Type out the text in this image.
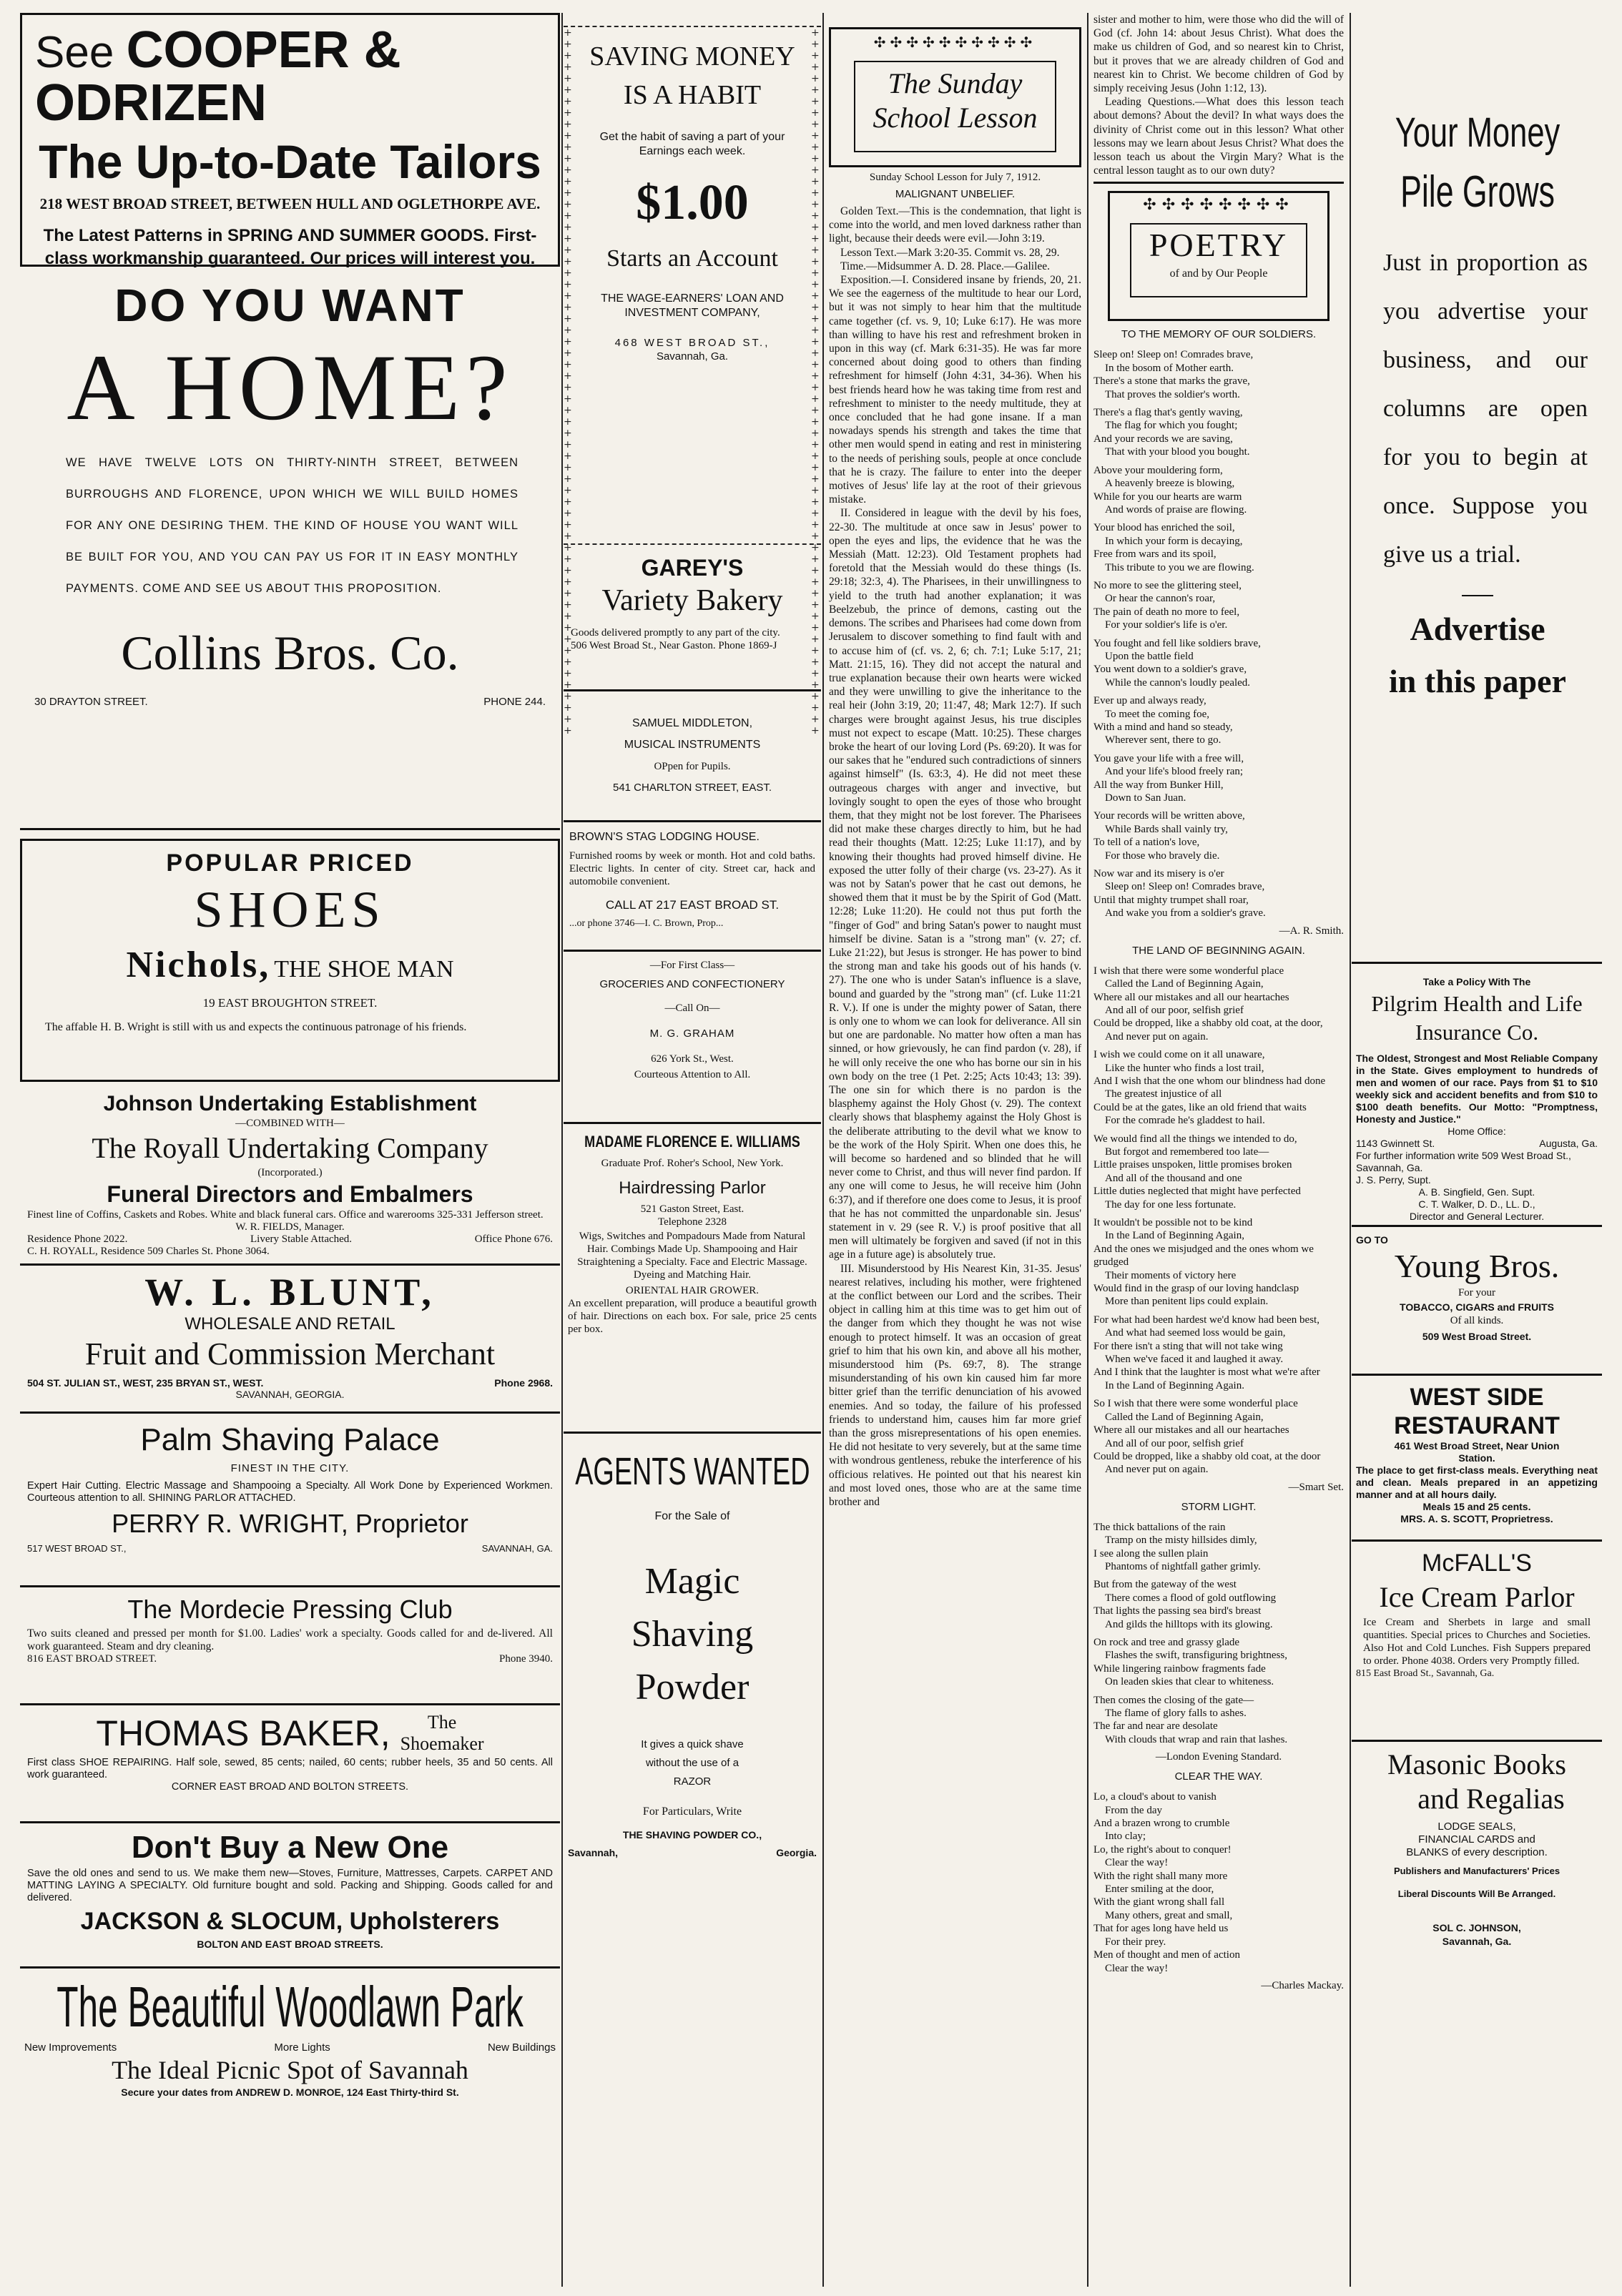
See COOPER & ODRIZEN
The Up-to-Date Tailors
218 WEST BROAD STREET, BETWEEN HULL AND OGLETHORPE AVE.
The Latest Patterns in SPRING AND SUMMER GOODS. First-class workmanship guaranteed. Our prices will interest you.
DO YOU WANT
A HOME?
WE HAVE TWELVE LOTS ON THIRTY-NINTH STREET, BETWEEN BURROUGHS AND FLORENCE, UPON WHICH WE WILL BUILD HOMES FOR ANY ONE DESIRING THEM. THE KIND OF HOUSE YOU WANT WILL BE BUILT FOR YOU, AND YOU CAN PAY US FOR IT IN EASY MONTHLY PAYMENTS. COME AND SEE US ABOUT THIS PROPOSITION.
Collins Bros. Co.
30 DRAYTON STREET.	PHONE 244.
POPULAR PRICED
SHOES
Nichols, THE SHOE MAN
19 EAST BROUGHTON STREET.
The affable H. B. Wright is still with us and expects the continuous patronage of his friends.
Johnson Undertaking Establishment
—COMBINED WITH—
The Royall Undertaking Company
(Incorporated.)
Funeral Directors and Embalmers
Finest line of Coffins, Caskets and Robes. White and black funeral cars. Office and warerooms 325-331 Jefferson street.
W. R. FIELDS, Manager.
Residence Phone 2022.	Livery Stable Attached.	Office Phone 676.
C. H. ROYALL, Residence 509 Charles St. Phone 3064.
W. L. BLUNT,
WHOLESALE AND RETAIL
Fruit and Commission Merchant
504 ST. JULIAN ST., WEST, 235 BRYAN ST., WEST.	Phone 2968.
SAVANNAH, GEORGIA.
Palm Shaving Palace
FINEST IN THE CITY.
Expert Hair Cutting. Electric Massage and Shampooing a Specialty. All Work Done by Experienced Workmen. Courteous attention to all. SHINING PARLOR ATTACHED.
PERRY R. WRIGHT, Proprietor
517 WEST BROAD ST.,	SAVANNAH, GA.
The Mordecie Pressing Club
Two suits cleaned and pressed per month for $1.00. Ladies' work a specialty. Goods called for and de-livered. All work guaranteed. Steam and dry cleaning.
816 EAST BROAD STREET.	Phone 3940.
THOMAS BAKER,	The
Shoemaker
First class SHOE REPAIRING. Half sole, sewed, 85 cents; nailed, 60 cents; rubber heels, 35 and 50 cents. All work guaranteed.
CORNER EAST BROAD AND BOLTON STREETS.
Don't Buy a New One
Save the old ones and send to us. We make them new—Stoves, Furniture, Mattresses, Carpets. CARPET AND MATTING LAYING A SPECIALTY. Old furniture bought and sold. Packing and Shipping. Goods called for and delivered.
JACKSON & SLOCUM, Upholsterers
BOLTON AND EAST BROAD STREETS.
The Beautiful Woodlawn Park
New Improvements	More Lights	New Buildings
The Ideal Picnic Spot of Savannah
Secure your dates from ANDREW D. MONROE, 124 East Thirty-third St.
+ + + + + + + + + + + + + + + + + + + + + + + + + + + + + + + + + + + + + + + + + + + + + + + + + + + + + + + + + + + + + +
+ + + + + + + + + + + + + + + + + + + + + + + + + + + + + + + + + + + + + + + + + + + + + + + + + + + + + + + + + + + + + +
SAVING MONEY IS A HABIT
Get the habit of saving a part of your Earnings each week.
$1.00
Starts an Account
THE WAGE-EARNERS' LOAN AND INVESTMENT COMPANY,
468 WEST BROAD ST.,
Savannah, Ga.
GAREY'S
Variety Bakery
Goods delivered promptly to any part of the city.
506 West Broad St., Near Gaston. Phone 1869-J
SAMUEL MIDDLETON,
MUSICAL INSTRUMENTS
OPpen for Pupils.
541 CHARLTON STREET, EAST.
BROWN'S STAG LODGING HOUSE.
Furnished rooms by week or month. Hot and cold baths. Electric lights. In center of city. Street car, hack and automobile convenient.
CALL AT 217 EAST BROAD ST.
...or phone 3746—I. C. Brown, Prop...
—For First Class—
GROCERIES AND CONFECTIONERY
—Call On—
M. G. GRAHAM
626 York St., West.
Courteous Attention to All.
MADAME FLORENCE E. WILLIAMS
Graduate Prof. Roher's School, New York.
Hairdressing Parlor
521 Gaston Street, East.
Telephone 2328
Wigs, Switches and Pompadours Made from Natural Hair. Combings Made Up. Shampooing and Hair Straightening a Specialty. Face and Electric Massage. Dyeing and Matching Hair.
ORIENTAL HAIR GROWER.
An excellent preparation, will produce a beautiful growth of hair. Directions on each box. For sale, price 25 cents per box.
AGENTS WANTED
For the Sale of
Magic
Shaving
Powder
It gives a quick shave without the use of a RAZOR
For Particulars, Write
THE SHAVING POWDER CO.,
Savannah,	Georgia.
✣✣✣✣✣✣✣✣✣✣
The Sunday
School Lesson
Sunday School Lesson for July 7, 1912.
MALIGNANT UNBELIEF.

Golden Text.—This is the condemnation, that light is come into the world, and men loved darkness rather than light, because their deeds were evil.—John 3:19.

Lesson Text.—Mark 3:20-35. Commit vs. 28, 29.

Time.—Midsummer A. D. 28. Place.—Galilee.

Exposition.—I. Considered insane by friends, 20, 21. We see the eagerness of the multitude to hear our Lord, but it was not simply to hear him that the multitude came together (cf. vs. 9, 10; Luke 6:17). He was more than willing to have his rest and refreshment broken in upon in this way (cf. Mark 6:31-35). He was far more concerned about doing good to others than finding refreshment for himself (John 4:31, 34-36). When his best friends heard how he was taking time from rest and refreshment to minister to the needy multitude, they at once concluded that he had gone insane. If a man nowadays spends his strength and takes the time that other men would spend in eating and rest in ministering to the needs of perishing souls, people at once conclude that he is crazy. The failure to enter into the deeper motives of Jesus' life lay at the root of their grievous mistake.

II. Considered in league with the devil by his foes, 22-30. The multitude at once saw in Jesus' power to open the eyes and lips, the evidence that he was the Messiah (Matt. 12:23). Old Testament prophets had foretold that the Messiah would do these things (Is. 29:18; 32:3, 4). The Pharisees, in their unwillingness to yield to the truth had another explanation; it was Beelzebub, the prince of demons, casting out the demons. The scribes and Pharisees had come down from Jerusalem to discover something to find fault with and to accuse him of (cf. vs. 2, 6; ch. 7:1; Luke 5:17, 21; Matt. 21:15, 16). They did not accept the natural and true explanation because their own hearts were wicked and they were unwilling to give the inheritance to the real heir (John 3:19, 20; 11:47, 48; Mark 12:7). If such charges were brought against Jesus, his true disciples must not expect to escape (Matt. 10:25). These charges broke the heart of our loving Lord (Ps. 69:20). It was for our sakes that he "endured such contradictions of sinners against himself" (Is. 63:3, 4). He did not meet these outrageous charges with anger and invective, but lovingly sought to open the eyes of those who brought them, that they might not be lost forever. The Pharisees did not make these charges directly to him, but he had read their thoughts (Matt. 12:25; Luke 11:17), and by knowing their thoughts had proved himself divine. He exposed the utter folly of their charge (vs. 23-27). As it was not by Satan's power that he cast out demons, he showed them that it must be by the Spirit of God (Matt. 12:28; Luke 11:20). He could not thus put forth the "finger of God" and bring Satan's power to naught must himself be divine. Satan is a "strong man" (v. 27; cf. Luke 21:22), but Jesus is stronger. He has power to bind the strong man and take his goods out of his hands (v. 27). The one who is under Satan's influence is a slave, bound and guarded by the "strong man" (cf. Luke 11:21 R. V.). If one is under the mighty power of Satan, there is only one to whom we can look for deliverance. All sin but one are pardonable. No matter how often a man has sinned, or how grievously, he can find pardon (v. 28), if he will only receive the one who has borne our sin in his own body on the tree (1 Pet. 2:25; Acts 10:43; 13: 39). The one sin for which there is no pardon is the blasphemy against the Holy Ghost (v. 29). The context clearly shows that blasphemy against the Holy Ghost is the deliberate attributing to the devil what we know to be the work of the Holy Spirit. When one does this, he will become so hardened and so blinded that he will never come to Christ, and thus will never find pardon. If any one will come to Jesus, he will receive him (John 6:37), and if therefore one does come to Jesus, it is proof that he has not committed the unpardonable sin. Jesus' statement in v. 29 (see R. V.) is proof positive that all men will ultimately be forgiven and saved (if not in this age in a future age) is absolutely true.

III. Misunderstood by His Nearest Kin, 31-35. Jesus' nearest relatives, including his mother, were frightened at the conflict between our Lord and the scribes. Their object in calling him at this time was to get him out of the danger from which they thought he was not wise enough to protect himself. It was an occasion of great grief to him that his own kin, and above all his mother, misunderstood him (Ps. 69:7, 8). The strange misunderstanding of his own kin caused him far more bitter grief than the terrific denunciation of his avowed enemies. And so today, the failure of his professed friends to understand him, causes him far more grief than the gross misrepresentations of his open enemies. He did not hesitate to very severely, but at the same time with wondrous gentleness, rebuke the interference of his officious relatives. He pointed out that his nearest kin and most loved ones, those who are at the same time brother and

sister and mother to him, were those who did the will of God (cf. John 14: about Jesus Christ). What does the make us children of God, and so nearest kin to Christ, but it proves that we are already children of God and nearest kin to Christ. We become children of God by simply receiving Jesus (John 1:12, 13).

Leading Questions.—What does this lesson teach about demons? About the devil? In what ways does the divinity of Christ come out in this lesson? What other lessons may we learn about Jesus Christ? What does the lesson teach us about the Virgin Mary? What is the central lesson taught as to our own duty?

✣✣✣✣✣✣✣✣
POETRY
of and by Our People
TO THE MEMORY OF OUR SOLDIERS.

Sleep on! Sleep on! Comrades brave,
In the bosom of Mother earth.
There's a stone that marks the grave,
That proves the soldier's worth.

There's a flag that's gently waving,
The flag for which you fought;
And your records we are saving,
That with your blood you bought.

Above your mouldering form,
A heavenly breeze is blowing,
While for you our hearts are warm
And words of praise are flowing.

Your blood has enriched the soil,
In which your form is decaying,
Free from wars and its spoil,
This tribute to you we are flowing.

No more to see the glittering steel,
Or hear the cannon's roar,
The pain of death no more to feel,
For your soldier's life is o'er.

You fought and fell like soldiers brave,
Upon the battle field
You went down to a soldier's grave,
While the cannon's loudly pealed.

Ever up and always ready,
To meet the coming foe,
With a mind and hand so steady,
Wherever sent, there to go.

You gave your life with a free will,
And your life's blood freely ran;
All the way from Bunker Hill,
Down to San Juan.

Your records will be written above,
While Bards shall vainly try,
To tell of a nation's love,
For those who bravely die.

Now war and its misery is o'er
Sleep on! Sleep on! Comrades brave,
Until that mighty trumpet shall roar,
And wake you from a soldier's grave.

—A. R. Smith.
THE LAND OF BEGINNING AGAIN.

I wish that there were some wonderful place
Called the Land of Beginning Again,
Where all our mistakes and all our heartaches
And all of our poor, selfish grief
Could be dropped, like a shabby old coat, at the door,
And never put on again.

I wish we could come on it all unaware,
Like the hunter who finds a lost trail,
And I wish that the one whom our blindness had done
The greatest injustice of all
Could be at the gates, like an old friend that waits
For the comrade he's gladdest to hail.

We would find all the things we intended to do,
But forgot and remembered too late—
Little praises unspoken, little promises broken
And all of the thousand and one
Little duties neglected that might have perfected
The day for one less fortunate.

It wouldn't be possible not to be kind
In the Land of Beginning Again,
And the ones we misjudged and the ones whom we grudged
Their moments of victory here
Would find in the grasp of our loving handclasp
More than penitent lips could explain.

For what had been hardest we'd know had been best,
And what had seemed loss would be gain,
For there isn't a sting that will not take wing
When we've faced it and laughed it away.
And I think that the laughter is most what we're after
In the Land of Beginning Again.

So I wish that there were some wonderful place
Called the Land of Beginning Again,
Where all our mistakes and all our heartaches
And all of our poor, selfish grief
Could be dropped, like a shabby old coat, at the door
And never put on again.

—Smart Set.
STORM LIGHT.

The thick battalions of the rain
Tramp on the misty hillsides dimly,
I see along the sullen plain
Phantoms of nightfall gather grimly.

But from the gateway of the west
There comes a flood of gold outflowing
That lights the passing sea bird's breast
And gilds the hilltops with its glowing.

On rock and tree and grassy glade
Flashes the swift, transfiguring brightness,
While lingering rainbow fragments fade
On leaden skies that clear to whiteness.

Then comes the closing of the gate—
The flame of glory falls to ashes.
The far and near are desolate
With clouds that wrap and rain that lashes.

—London Evening Standard.
CLEAR THE WAY.

Lo, a cloud's about to vanish
From the day
And a brazen wrong to crumble
Into clay;
Lo, the right's about to conquer!
Clear the way!
With the right shall many more
Enter smiling at the door,
With the giant wrong shall fall
Many others, great and small,
That for ages long have held us
For their prey.
Men of thought and men of action
Clear the way!

—Charles Mackay.
Your Money
Pile Grows
Just in proportion as you advertise your business, and our columns are open for you to begin at once. Suppose you give us a trial.
Advertise
in this paper
Take a Policy With The
Pilgrim Health and Life Insurance Co.
The Oldest, Strongest and Most Reliable Company in the State. Gives employment to hundreds of men and women of our race. Pays from $1 to $10 weekly sick and accident benefits and from $10 to $100 death benefits. Our Motto: "Promptness, Honesty and Justice."
Home Office:
1143 Gwinnett St.	Augusta, Ga.
For further information write 509 West Broad St., Savannah, Ga.
J. S. Perry, Supt.
A. B. Singfield, Gen. Supt.
C. T. Walker, D. D., LL. D.,
Director and General Lecturer.
GO TO
Young Bros.
For your
TOBACCO, CIGARS and FRUITS
Of all kinds.
509 West Broad Street.
WEST SIDE
RESTAURANT
461 West Broad Street, Near Union Station.
The place to get first-class meals. Everything neat and clean. Meals prepared in an appetizing manner and at all hours daily.
Meals 15 and 25 cents.
MRS. A. S. SCOTT, Proprietress.
McFALL'S
Ice Cream Parlor
Ice Cream and Sherbets in large and small quantities. Special prices to Churches and Societies. Also Hot and Cold Lunches. Fish Suppers prepared to order. Phone 4038. Orders very Promptly filled.
815 East Broad St., Savannah, Ga.
Masonic Books
and Regalias
LODGE SEALS,
FINANCIAL CARDS and
BLANKS of every description.
Publishers and Manufacturers' Prices
Liberal Discounts Will Be Arranged.
SOL C. JOHNSON,
Savannah, Ga.
